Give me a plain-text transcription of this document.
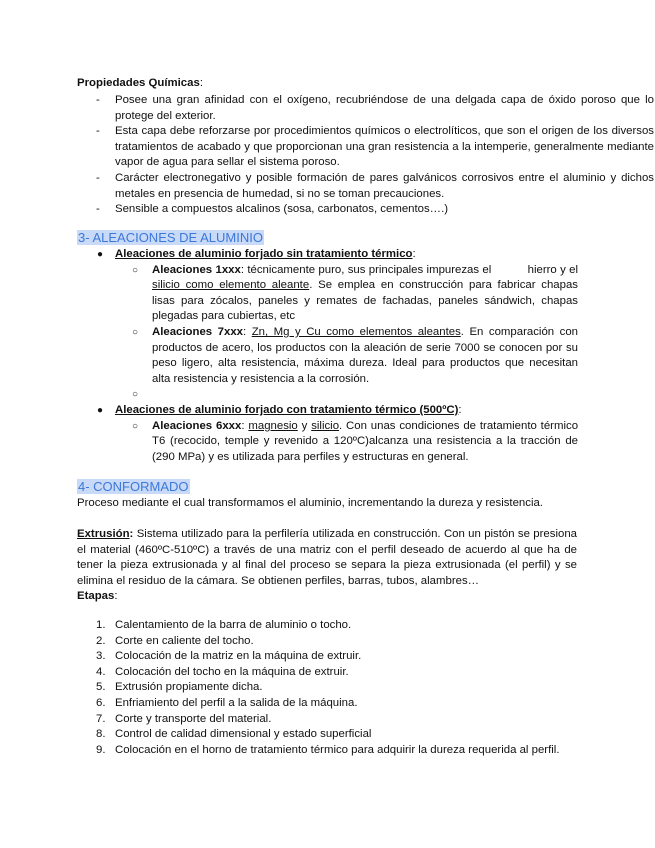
Propiedades Químicas:

- Posee una gran afinidad con el oxígeno, recubriéndose de una delgada capa de óxido poroso que lo protege del exterior.
- Esta capa debe reforzarse por procedimientos químicos o electrolíticos, que son el origen de los diversos tratamientos de acabado y que proporcionan una gran resistencia a la intemperie, generalmente mediante vapor de agua para sellar el sistema poroso.
- Carácter electronegativo y posible formación de pares galvánicos corrosivos entre el aluminio y dichos metales en presencia de humedad, si no se toman precauciones.
- Sensible a compuestos alcalinos (sosa, carbonatos, cementos….)

3- ALEACIONES DE ALUMINIO

● Aleaciones de aluminio forjado sin tratamiento térmico:
○ Aleaciones 1xxx: técnicamente puro, sus principales impurezas el	hierro y el silicio como elemento aleante. Se emplea en construcción para fabricar chapas lisas para zócalos, paneles y remates de fachadas, paneles sándwich, chapas plegadas para cubiertas, etc
○ Aleaciones 7xxx: Zn, Mg y Cu como elementos aleantes. En comparación con productos de acero, los productos con la aleación de serie 7000 se conocen por su peso ligero, alta resistencia, máxima dureza. Ideal para productos que necesitan alta resistencia y resistencia a la corrosión.
○
● Aleaciones de aluminio forjado con tratamiento térmico (500ºC):
○ Aleaciones 6xxx: magnesio y silicio. Con unas condiciones de tratamiento térmico T6 (recocido, temple y revenido a 120ºC)alcanza una resistencia a la tracción de (290 MPa) y es utilizada para perfiles y estructuras en general.

4- CONFORMADO

Proceso mediante el cual transformamos el aluminio, incrementando la dureza y resistencia.

Extrusión: Sistema utilizado para la perfilería utilizada en construcción. Con un pistón se presiona el material (460ºC-510ºC) a través de una matriz con el perfil deseado de acuerdo al que ha de tener la pieza extrusionada y al final del proceso se separa la pieza extrusionada (el perfil) y se elimina el residuo de la cámara. Se obtienen perfiles, barras, tubos, alambres…

Etapas:

1. Calentamiento de la barra de aluminio o tocho.
2. Corte en caliente del tocho.
3. Colocación de la matriz en la máquina de extruir.
4. Colocación del tocho en la máquina de extruir.
5. Extrusión propiamente dicha.
6. Enfriamiento del perfil a la salida de la máquina.
7. Corte y transporte del material.
8. Control de calidad dimensional y estado superficial
9. Colocación en el horno de tratamiento térmico para adquirir la dureza requerida al perfil.
